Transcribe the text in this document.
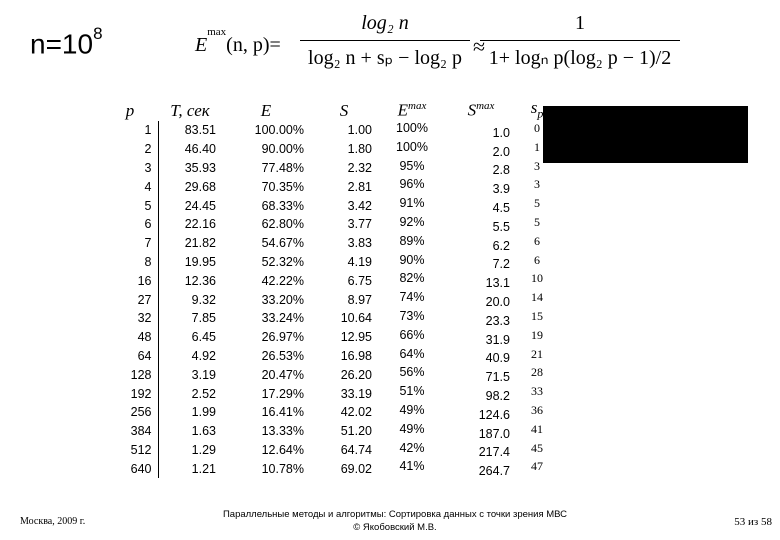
$n=10^8$
$E^{max}(n$, p)=
log₂ n
log₂ n + sₚ − log₂ p ≈
1
1+ logₙ p(log₂ p − 1)/2
p	T, сек	E	S	$E^{max}$	$S^{max}$	$s_p$
1	83.51	100.00%	1.00	100%	1.0	0
2	46.40	90.00%	1.80	100%	2.0	1
3	35.93	77.48%	2.32	95%	2.8	3
4	29.68	70.35%	2.81	96%	3.9	3
5	24.45	68.33%	3.42	91%	4.5	5
6	22.16	62.80%	3.77	92%	5.5	5
7	21.82	54.67%	3.83	89%	6.2	6
8	19.95	52.32%	4.19	90%	7.2	6
16	12.36	42.22%	6.75	82%	13.1	10
27	9.32	33.20%	8.97	74%	20.0	14
32	7.85	33.24%	10.64	73%	23.3	15
48	6.45	26.97%	12.95	66%	31.9	19
64	4.92	26.53%	16.98	64%	40.9	21
128	3.19	20.47%	26.20	56%	71.5	28
192	2.52	17.29%	33.19	51%	98.2	33
256	1.99	16.41%	42.02	49%	124.6	36
384	1.63	13.33%	51.20	49%	187.0	41
512	1.29	12.64%	64.74	42%	217.4	45
640	1.21	10.78%	69.02	41%	264.7	47
Москва, 2009 г.
Параллельные методы и алгоритмы: Сортировка данных с точки зрения МВС
© Якобовский М.В.	53 из 58
